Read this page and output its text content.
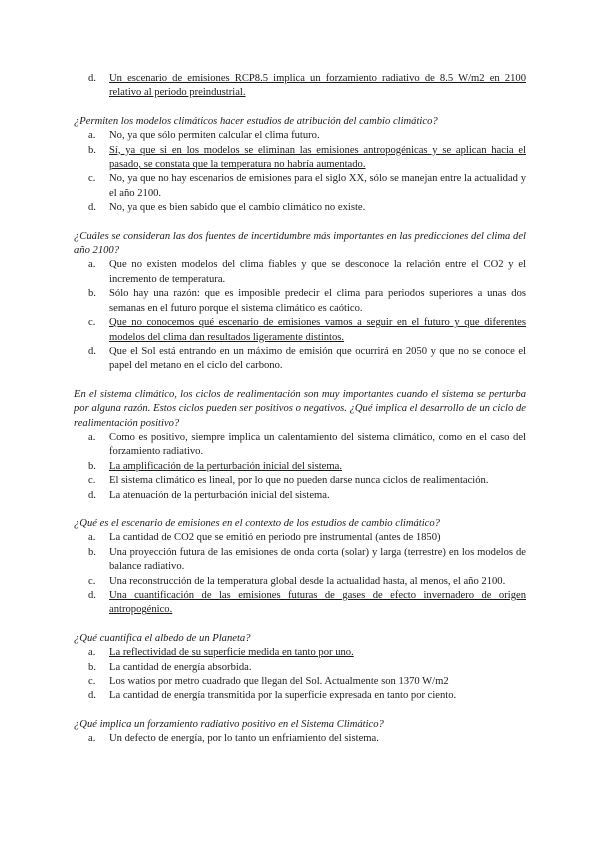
d. Un escenario de emisiones RCP8.5 implica un forzamiento radiativo de 8.5 W/m2 en 2100 relativo al periodo preindustrial.

¿Permiten los modelos climáticos hacer estudios de atribución del cambio climático?

a. No, ya que sólo permiten calcular el clima futuro.
b. Sí, ya que si en los modelos se eliminan las emisiones antropogénicas y se aplican hacia el pasado, se constata que la temperatura no habría aumentado.
c. No, ya que no hay escenarios de emisiones para el siglo XX, sólo se manejan entre la actualidad y el año 2100.
d. No, ya que es bien sabido que el cambio climático no existe.

¿Cuáles se consideran las dos fuentes de incertidumbre más importantes en las predicciones del clima del año 2100?

a. Que no existen modelos del clima fiables y que se desconoce la relación entre el CO2 y el incremento de temperatura.
b. Sólo hay una razón: que es imposible predecir el clima para periodos superiores a unas dos semanas en el futuro porque el sistema climático es caótico.
c. Que no conocemos qué escenario de emisiones vamos a seguir en el futuro y que diferentes modelos del clima dan resultados ligeramente distintos.
d. Que el Sol está entrando en un máximo de emisión que ocurrirá en 2050 y que no se conoce el papel del metano en el ciclo del carbono.

En el sistema climático, los ciclos de realimentación son muy importantes cuando el sistema se perturba por alguna razón. Estos ciclos pueden ser positivos o negativos. ¿Qué implica el desarrollo de un ciclo de realimentación positivo?

a. Como es positivo, siempre implica un calentamiento del sistema climático, como en el caso del forzamiento radiativo.
b. La amplificación de la perturbación inicial del sistema.
c. El sistema climático es lineal, por lo que no pueden darse nunca ciclos de realimentación.
d. La atenuación de la perturbación inicial del sistema.

¿Qué es el escenario de emisiones en el contexto de los estudios de cambio climático?

a. La cantidad de CO2 que se emitió en periodo pre instrumental (antes de 1850)
b. Una proyección futura de las emisiones de onda corta (solar) y larga (terrestre) en los modelos de balance radiativo.
c. Una reconstrucción de la temperatura global desde la actualidad hasta, al menos, el año 2100.
d. Una cuantificación de las emisiones futuras de gases de efecto invernadero de origen antropogénico.

¿Qué cuantifica el albedo de un Planeta?

a. La reflectividad de su superficie medida en tanto por uno.
b. La cantidad de energía absorbida.
c. Los watios por metro cuadrado que llegan del Sol. Actualmente son 1370 W/m2
d. La cantidad de energía transmitida por la superficie expresada en tanto por ciento.

¿Qué implica un forzamiento radiativo positivo en el Sistema Climático?

a. Un defecto de energía, por lo tanto un enfriamiento del sistema.
